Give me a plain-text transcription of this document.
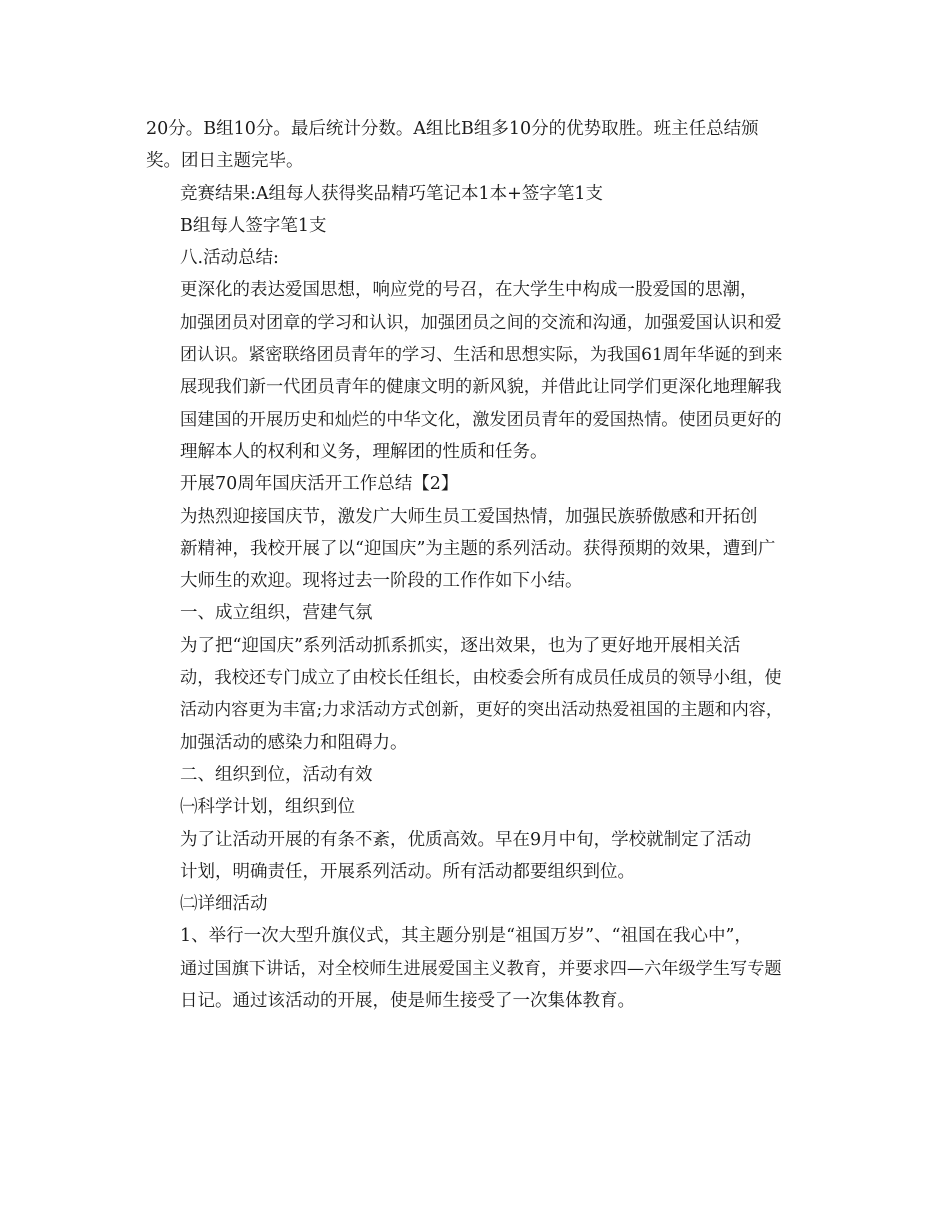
20分。B组10分。最后统计分数。A组比B组多10分的优势取胜。班主任总结颁
奖。团日主题完毕。
竞赛结果:A组每人获得奖品精巧笔记本1本+签字笔1支
B组每人签字笔1支
八.活动总结:
更深化的表达爱国思想，响应党的号召，在大学生中构成一股爱国的思潮，
加强团员对团章的学习和认识，加强团员之间的交流和沟通，加强爱国认识和爱
团认识。紧密联络团员青年的学习、生活和思想实际，为我国61周年华诞的到来
展现我们新一代团员青年的健康文明的新风貌，并借此让同学们更深化地理解我
国建国的开展历史和灿烂的中华文化，激发团员青年的爱国热情。使团员更好的
理解本人的权利和义务，理解团的性质和任务。
开展70周年国庆活开工作总结【2】
为热烈迎接国庆节，激发广大师生员工爱国热情，加强民族骄傲感和开拓创
新精神，我校开展了以“迎国庆”为主题的系列活动。获得预期的效果，遭到广
大师生的欢迎。现将过去一阶段的工作作如下小结。
一、成立组织，营建气氛
为了把“迎国庆”系列活动抓系抓实，逐出效果，也为了更好地开展相关活
动，我校还专门成立了由校长任组长，由校委会所有成员任成员的领导小组，使
活动内容更为丰富;力求活动方式创新，更好的突出活动热爱祖国的主题和内容，
加强活动的感染力和阻碍力。
二、组织到位，活动有效
㈠科学计划，组织到位
为了让活动开展的有条不紊，优质高效。早在9月中旬，学校就制定了活动
计划，明确责任，开展系列活动。所有活动都要组织到位。
㈡详细活动
1、举行一次大型升旗仪式，其主题分别是“祖国万岁”、“祖国在我心中”，
通过国旗下讲话，对全校师生进展爱国主义教育，并要求四—六年级学生写专题
日记。通过该活动的开展，使是师生接受了一次集体教育。
